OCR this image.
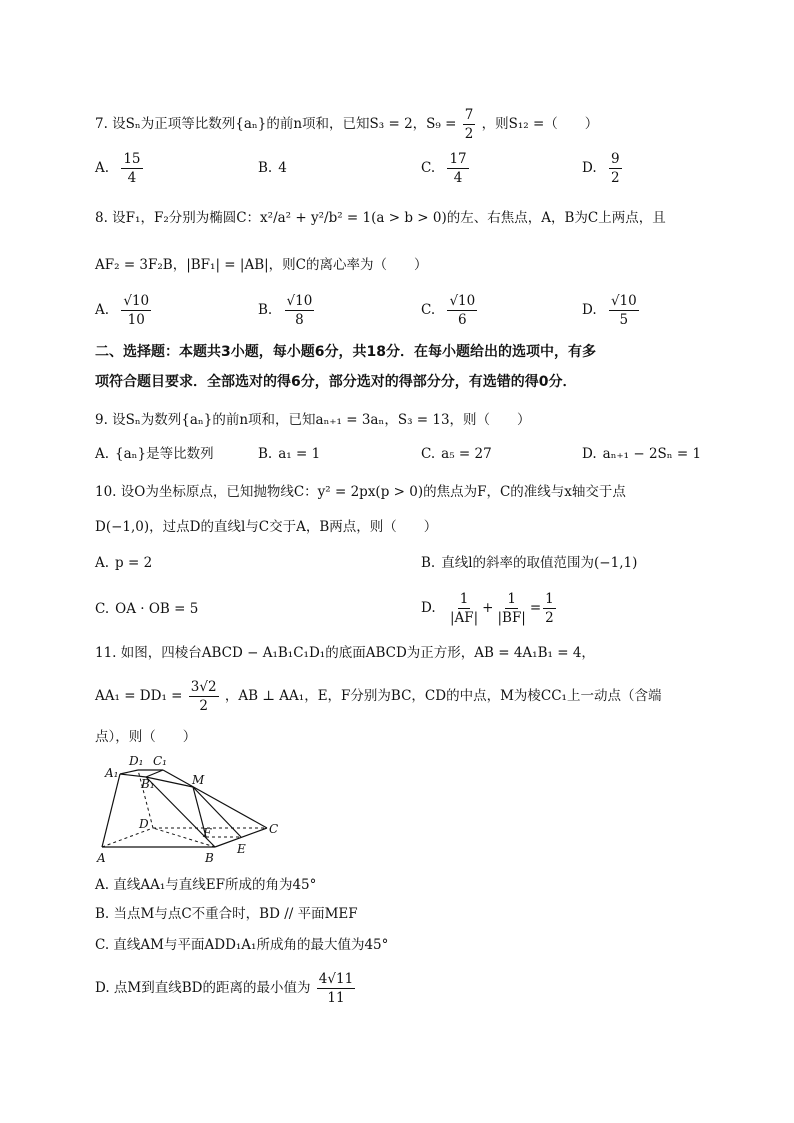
7. 设Sₙ为正项等比数列{aₙ}的前n项和，已知S₃ = 2，$S_9 = \frac{7}{2}$ ，则S₁₂ =（　　）
A. $\frac{15}{4}$	B. 4	C. $\frac{17}{4}$	D. $\frac{9}{2}$
8. 设F₁，F₂分别为椭圆C：x²/a² + y²/b² = 1(a > b > 0)的左、右焦点，A，B为C上两点，且
AF₂ = 3F₂B，|BF₁| = |AB|，则C的离心率为（　　）
A. $\frac{√10}{10}$	B. $\frac{√10}{8}$	C. $\frac{√10}{6}$	D. $\frac{√10}{5}$
二、选择题：本题共3小题，每小题6分，共18分．在每小题给出的选项中，有多
项符合题目要求．全部选对的得6分，部分选对的得部分分，有选错的得0分．
9. 设Sₙ为数列{aₙ}的前n项和，已知aₙ₊₁ = 3aₙ，S₃ = 13，则（　　）
A. {aₙ}是等比数列	B. a₁ = 1	C. a₅ = 27	D. aₙ₊₁ − 2Sₙ = 1
10. 设O为坐标原点，已知抛物线C：y² = 2px(p > 0)的焦点为F，C的准线与x轴交于点
D(−1,0)，过点D的直线l与C交于A，B两点，则（　　）
A. p = 2	B. 直线l的斜率的取值范围为(−1,1)
C. OA · OB = 5	D. $\frac{1}{|AF|} + \frac{1}{|BF|} = \frac{1}{2}$
11. 如图，四棱台ABCD − A₁B₁C₁D₁的底面ABCD为正方形，AB = 4A₁B₁ = 4，
$AA_1 = DD_1 = \frac{3√2}{2}$ ，AB ⊥ AA₁，E，F分别为BC，CD的中点，M为棱CC₁上一动点（含端
点），则（　　）
A₁
D₁ C₁
B₁	M
D	C
A	B
F
E
A. 直线AA₁与直线EF所成的角为45°
B. 当点M与点C不重合时，BD // 平面MEF
C. 直线AM与平面ADD₁A₁所成角的最大值为45°
D. 点M到直线BD的距离的最小值为 $\frac{4√11}{11}$
